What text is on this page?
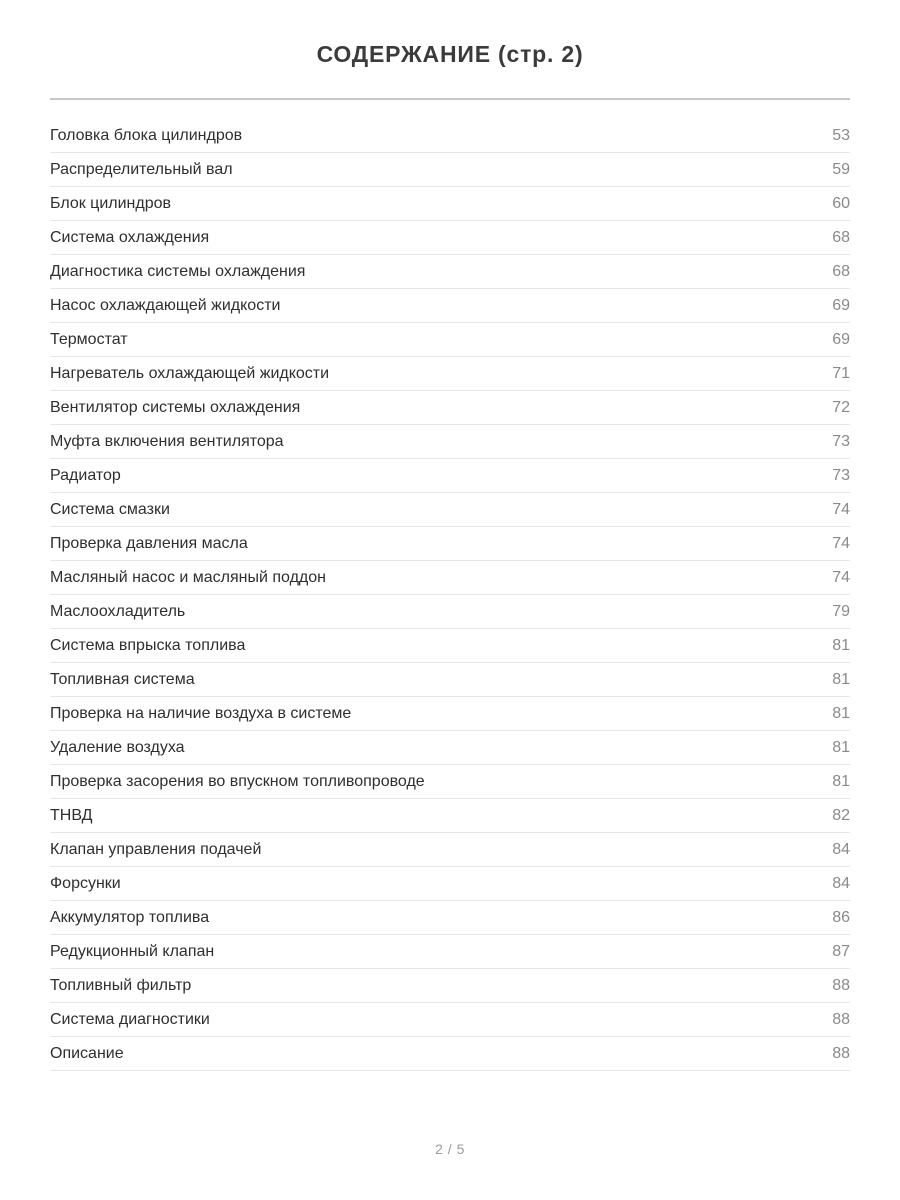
СОДЕРЖАНИЕ (стр. 2)
Головка блока цилиндров	53
Распределительный вал	59
Блок цилиндров	60
Система охлаждения	68
Диагностика системы охлаждения	68
Насос охлаждающей жидкости	69
Термостат	69
Нагреватель охлаждающей жидкости	71
Вентилятор системы охлаждения	72
Муфта включения вентилятора	73
Радиатор	73
Система смазки	74
Проверка давления масла	74
Масляный насос и масляный поддон	74
Маслоохладитель	79
Система впрыска топлива	81
Топливная система	81
Проверка на наличие воздуха в системе	81
Удаление воздуха	81
Проверка засорения во впускном топливопроводе	81
ТНВД	82
Клапан управления подачей	84
Форсунки	84
Аккумулятор топлива	86
Редукционный клапан	87
Топливный фильтр	88
Система диагностики	88
Описание	88
2 / 5
